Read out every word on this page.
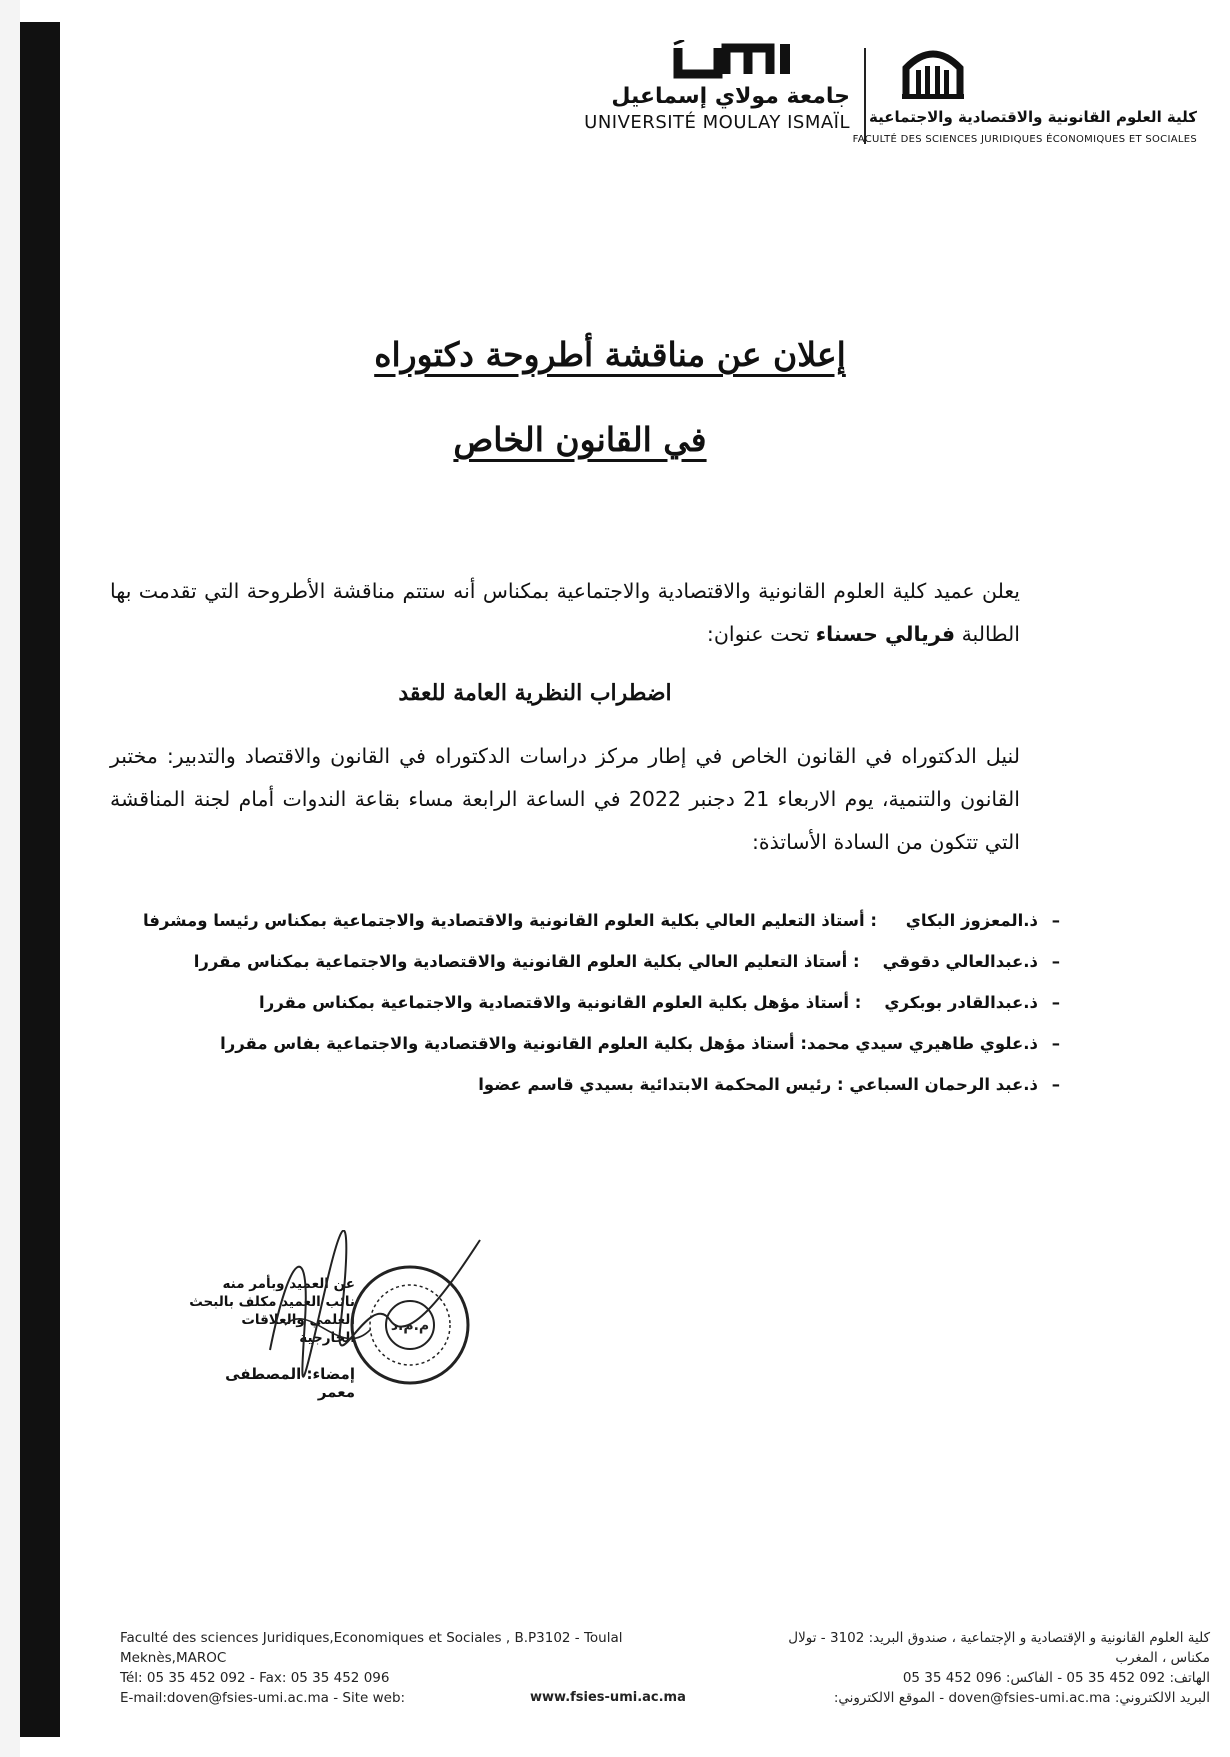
جامعة مولاي إسماعيل
UNIVERSITÉ MOULAY ISMAÏL كلية العلوم القانونية والاقتصادية والاجتماعية
FACULTÉ DES SCIENCES JURIDIQUES ÉCONOMIQUES ET SOCIALES
إعلان عن مناقشة أطروحة دكتوراه
في القانون الخاص
يعلن عميد كلية العلوم القانونية والاقتصادية والاجتماعية بمكناس أنه ستتم مناقشة الأطروحة التي تقدمت بها الطالبة فريالي حسناء تحت عنوان:
اضطراب النظرية العامة للعقد
لنيل الدكتوراه في القانون الخاص في إطار مركز دراسات الدكتوراه في القانون والاقتصاد والتدبير: مختبر القانون والتنمية، يوم الاربعاء 21 دجنبر 2022 في الساعة الرابعة مساء بقاعة الندوات أمام لجنة المناقشة التي تتكون من السادة الأساتذة:
–
ذ.المعزوز البكاي

: أستاذ التعليم العالي بكلية العلوم القانونية والاقتصادية والاجتماعية بمكناس رئيسا ومشرفا
–
ذ.عبدالعالي دقوقي

: أستاذ التعليم العالي بكلية العلوم القانونية والاقتصادية والاجتماعية بمكناس مقررا
–
ذ.عبدالقادر بوبكري

: أستاذ مؤهل بكلية العلوم القانونية والاقتصادية والاجتماعية بمكناس مقررا
–
ذ.علوي طاهيري سيدي محمد
: أستاذ مؤهل بكلية العلوم القانونية والاقتصادية والاجتماعية بفاس مقررا
–
ذ.عبد الرحمان السباعي

: رئيس المحكمة الابتدائية بسيدي قاسم عضوا
عن العميد وبأمر منه
نائب العميد مكلف بالبحث
العلمي والعلاقات الخارجية
إمضاء: المصطفى معمر
م.م.د
Faculté des sciences Juridiques,Economiques et Sociales , B.P3102 - Toulal
Meknès,MAROC
Tél: 05 35 452 092 - Fax: 05 35 452 096
E-mail:doven@fsies-umi.ac.ma - Site web:	www.fsies-umi.ac.ma
كلية العلوم القانونية و الإقتصادية و الإجتماعية ، صندوق البريد: 3102 - تولال
مكناس ، المغرب
الهاتف: 092 452 35 05 - الفاكس: 096 452 35 05
البريد الالكتروني: doven@fsies-umi.ac.ma - الموقع الالكتروني:
